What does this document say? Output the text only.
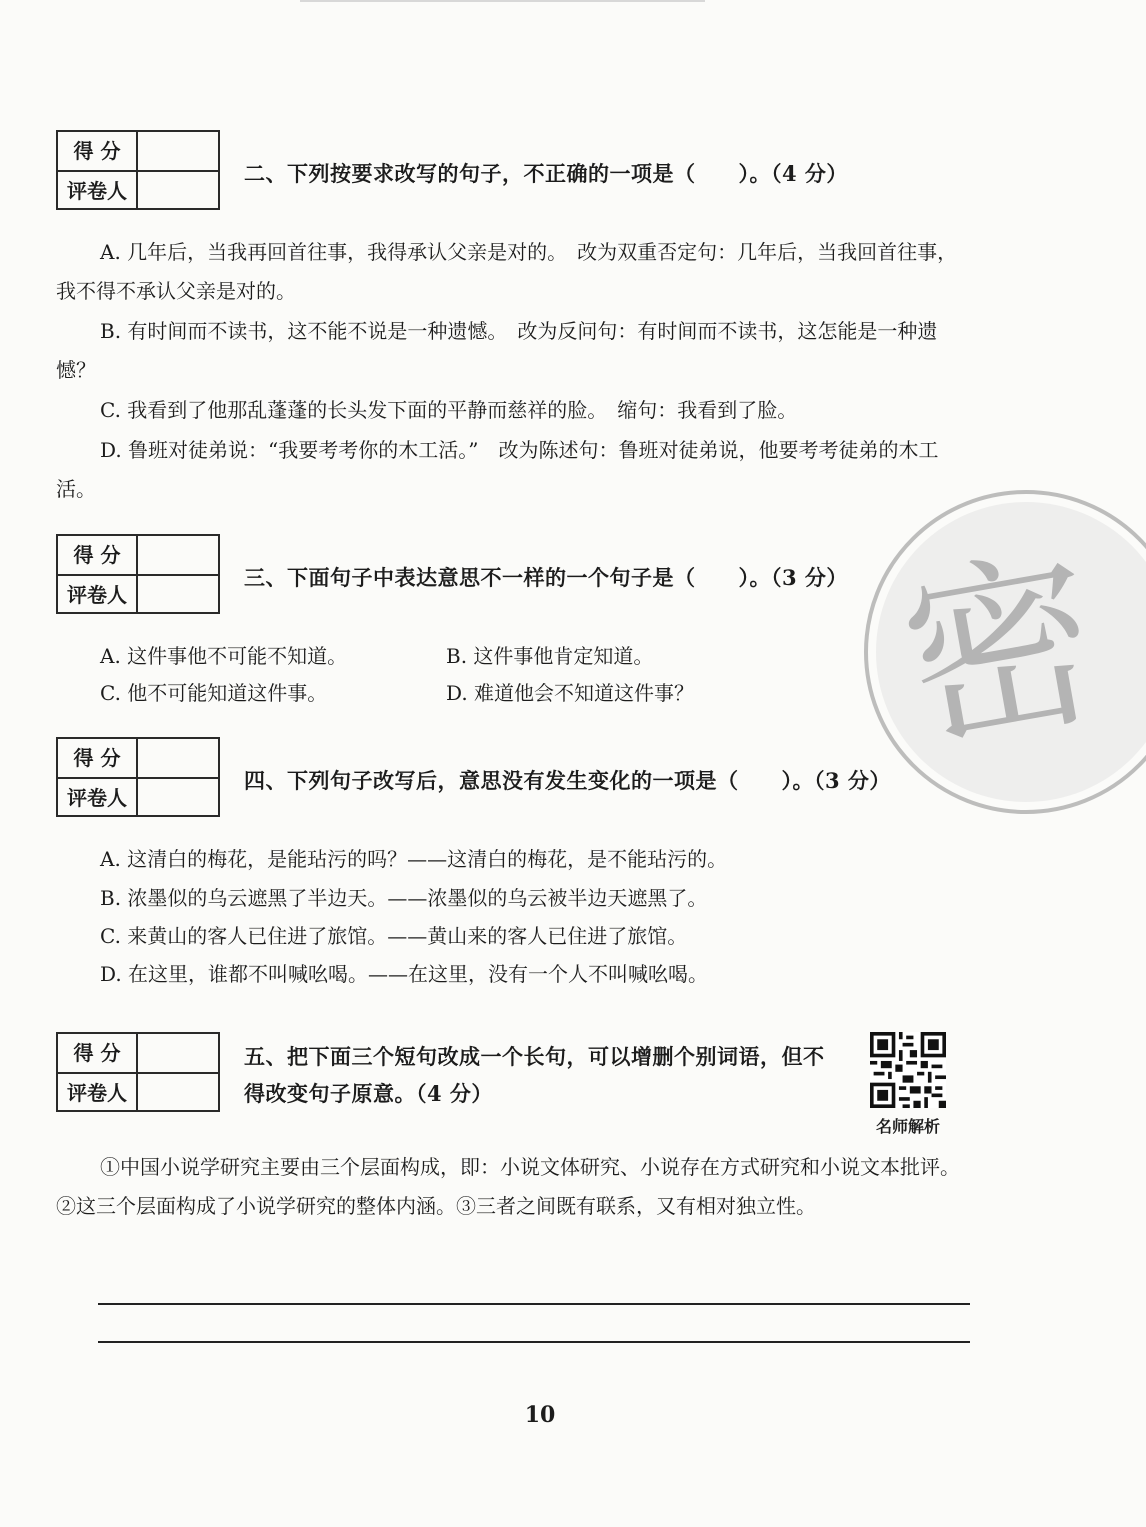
得 分
评卷人
二、下列按要求改写的句子，不正确的一项是（　　）。（4 分）
A. 几年后，当我再回首往事，我得承认父亲是对的。　改为双重否定句：几年后，当我回首往事，我不得不承认父亲是对的。
B. 有时间而不读书，这不能不说是一种遗憾。　改为反问句：有时间而不读书，这怎能是一种遗憾？
C. 我看到了他那乱蓬蓬的长头发下面的平静而慈祥的脸。　缩句：我看到了脸。
D. 鲁班对徒弟说：“我要考考你的木工活。”　改为陈述句：鲁班对徒弟说，他要考考徒弟的木工活。
得 分
评卷人
三、下面句子中表达意思不一样的一个句子是（　　）。（3 分）
A. 这件事他不可能不知道。	B. 这件事他肯定知道。
C. 他不可能知道这件事。	D. 难道他会不知道这件事？
得 分
评卷人
四、下列句子改写后，意思没有发生变化的一项是（　　）。（3 分）
A. 这清白的梅花，是能玷污的吗？——这清白的梅花，是不能玷污的。
B. 浓墨似的乌云遮黑了半边天。——浓墨似的乌云被半边天遮黑了。
C. 来黄山的客人已住进了旅馆。——黄山来的客人已住进了旅馆。
D. 在这里，谁都不叫喊吆喝。——在这里，没有一个人不叫喊吆喝。
得 分
评卷人
五、把下面三个短句改成一个长句，可以增删个别词语，但不
得改变句子原意。（4 分）
名师解析
①中国小说学研究主要由三个层面构成，即：小说文体研究、小说存在方式研究和小说文本批评。②这三个层面构成了小说学研究的整体内涵。③三者之间既有联系，又有相对独立性。
密
10
